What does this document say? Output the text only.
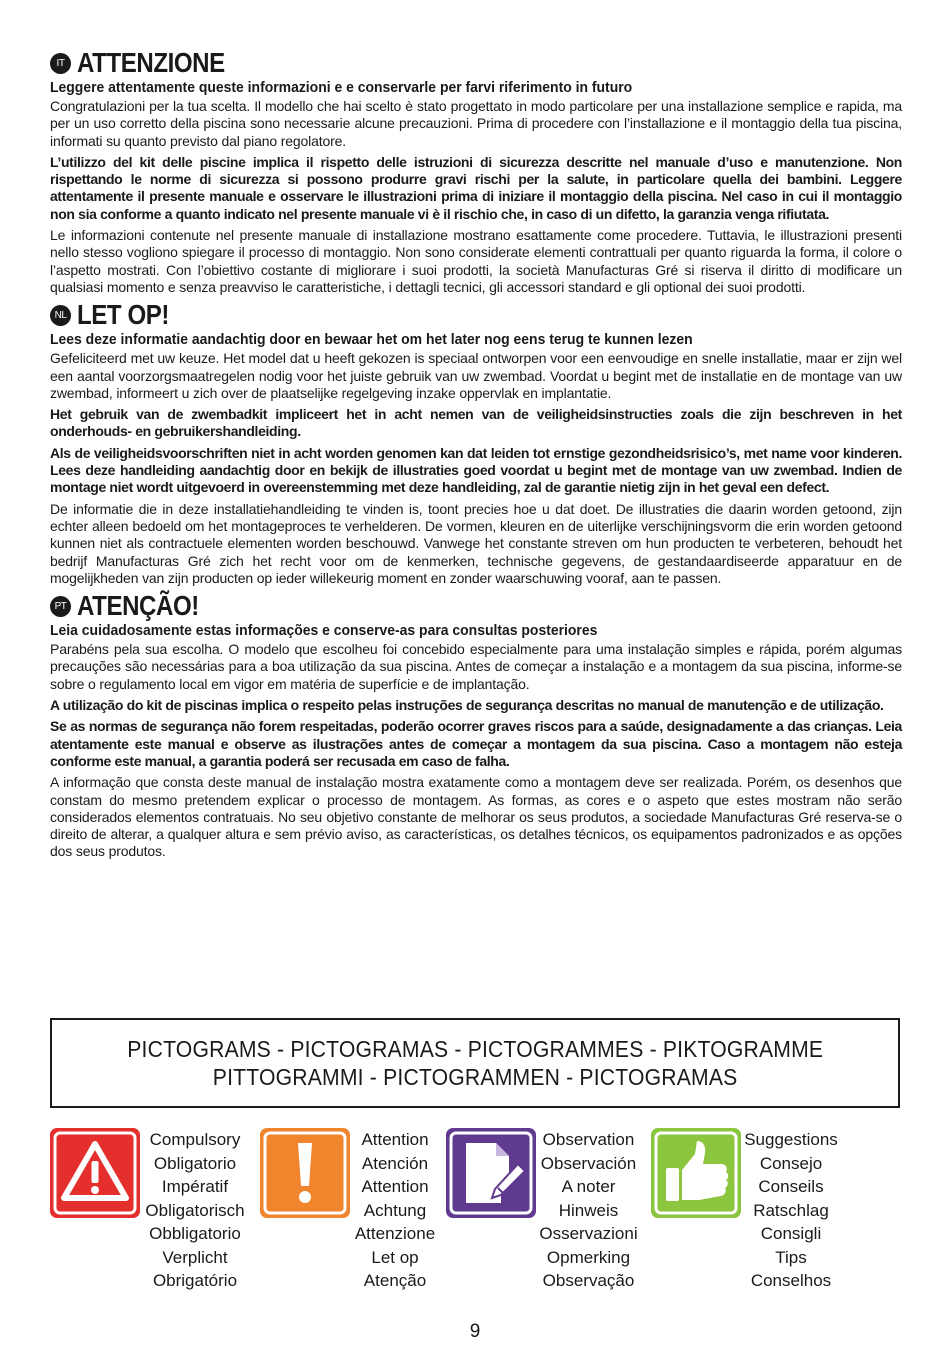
IT ATTENZIONE
Leggere attentamente queste informazioni e e conservarle per farvi riferimento in futuro

Congratulazioni per la tua scelta. Il modello che hai scelto è stato progettato in modo particolare per una installazione semplice e rapida, ma per un uso corretto della piscina sono necessarie alcune precauzioni. Prima di procedere con l’installazione e il montaggio della tua piscina, informati su quanto previsto dal piano regolatore.

L’utilizzo del kit delle piscine implica il rispetto delle istruzioni di sicurezza descritte nel manuale d’uso e manutenzione. Non rispettando le norme di sicurezza si possono produrre gravi rischi per la salute, in particolare quella dei bambini. Leggere attentamente il presente manuale e osservare le illustrazioni prima di iniziare il montaggio della piscina. Nel caso in cui il montaggio non sia conforme a quanto indicato nel presente manuale vi è il rischio che, in caso di un difetto, la garanzia venga rifiutata.

Le informazioni contenute nel presente manuale di installazione mostrano esattamente come procedere. Tuttavia, le illustrazioni presenti nello stesso vogliono spiegare il processo di montaggio. Non sono considerate elementi contrattuali per quanto riguarda la forma, il colore o l’aspetto mostrati. Con l’obiettivo costante di migliorare i suoi prodotti, la società Manufacturas Gré si riserva il diritto di modificare un qualsiasi momento e senza preavviso le caratteristiche, i dettagli tecnici, gli accessori standard e gli optional dei suoi prodotti.

NL LET OP!
Lees deze informatie aandachtig door en bewaar het om het later nog eens terug te kunnen lezen

Gefeliciteerd met uw keuze. Het model dat u heeft gekozen is speciaal ontworpen voor een eenvoudige en snelle installatie, maar er zijn wel een aantal voorzorgsmaatregelen nodig voor het juiste gebruik van uw zwembad. Voordat u begint met de installatie en de montage van uw zwembad, informeert u zich over de plaatselijke regelgeving inzake oppervlak en implantatie.

Het gebruik van de zwembadkit impliceert het in acht nemen van de veiligheidsinstructies zoals die zijn beschreven in het onderhouds- en gebruikershandleiding.

Als de veiligheidsvoorschriften niet in acht worden genomen kan dat leiden tot ernstige gezondheidsrisico’s, met name voor kinderen. Lees deze handleiding aandachtig door en bekijk de illustraties goed voordat u begint met de montage van uw zwembad. Indien de montage niet wordt uitgevoerd in overeenstemming met deze handleiding, zal de garantie nietig zijn in het geval een defect.

De informatie die in deze installatiehandleiding te vinden is, toont precies hoe u dat doet. De illustraties die daarin worden getoond, zijn echter alleen bedoeld om het montageproces te verhelderen. De vormen, kleuren en de uiterlijke verschijningsvorm die erin worden getoond kunnen niet als contractuele elementen worden beschouwd. Vanwege het constante streven om hun producten te verbeteren, behoudt het bedrijf Manufacturas Gré zich het recht voor om de kenmerken, technische gegevens, de gestandaardiseerde apparatuur en de mogelijkheden van zijn producten op ieder willekeurig moment en zonder waarschuwing vooraf, aan te passen.

PT ATENÇÃO!
Leia cuidadosamente estas informações e conserve-as para consultas posteriores

Parabéns pela sua escolha. O modelo que escolheu foi concebido especialmente para uma instalação simples e rápida, porém algumas precauções são necessárias para a boa utilização da sua piscina. Antes de começar a instalação e a montagem da sua piscina, informe-se sobre o regulamento local em vigor em matéria de superfície e de implantação.

A utilização do kit de piscinas implica o respeito pelas instruções de segurança descritas no manual de manutenção e de utilização.

Se as normas de segurança não forem respeitadas, poderão ocorrer graves riscos para a saúde, designadamente a das crianças. Leia atentamente este manual e observe as ilustrações antes de começar a montagem da sua piscina. Caso a montagem não esteja conforme este manual, a garantia poderá ser recusada em caso de falha.

A informação que consta deste manual de instalação mostra exatamente como a montagem deve ser realizada. Porém, os desenhos que constam do mesmo pretendem explicar o processo de montagem. As formas, as cores e o aspeto que estes mostram não serão considerados elementos contratuais. No seu objetivo constante de melhorar os seus produtos, a sociedade Manufacturas Gré reserva-se o direito de alterar, a qualquer altura e sem prévio aviso, as características, os detalhes técnicos, os equipamentos padronizados e as opções dos seus produtos.

PICTOGRAMS - PICTOGRAMAS - PICTOGRAMMES - PIKTOGRAMME
PITTOGRAMMI - PICTOGRAMMEN - PICTOGRAMAS
Compulsory
Obligatorio
Impératif
Obligatorisch
Obbligatorio
Verplicht
Obrigatório
Attention
Atención
Attention
Achtung
Attenzione
Let op
Atenção
Observation
Observación
A noter
Hinweis
Osservazioni
Opmerking
Observação
Suggestions
Consejo
Conseils
Ratschlag
Consigli
Tips
Conselhos
9
